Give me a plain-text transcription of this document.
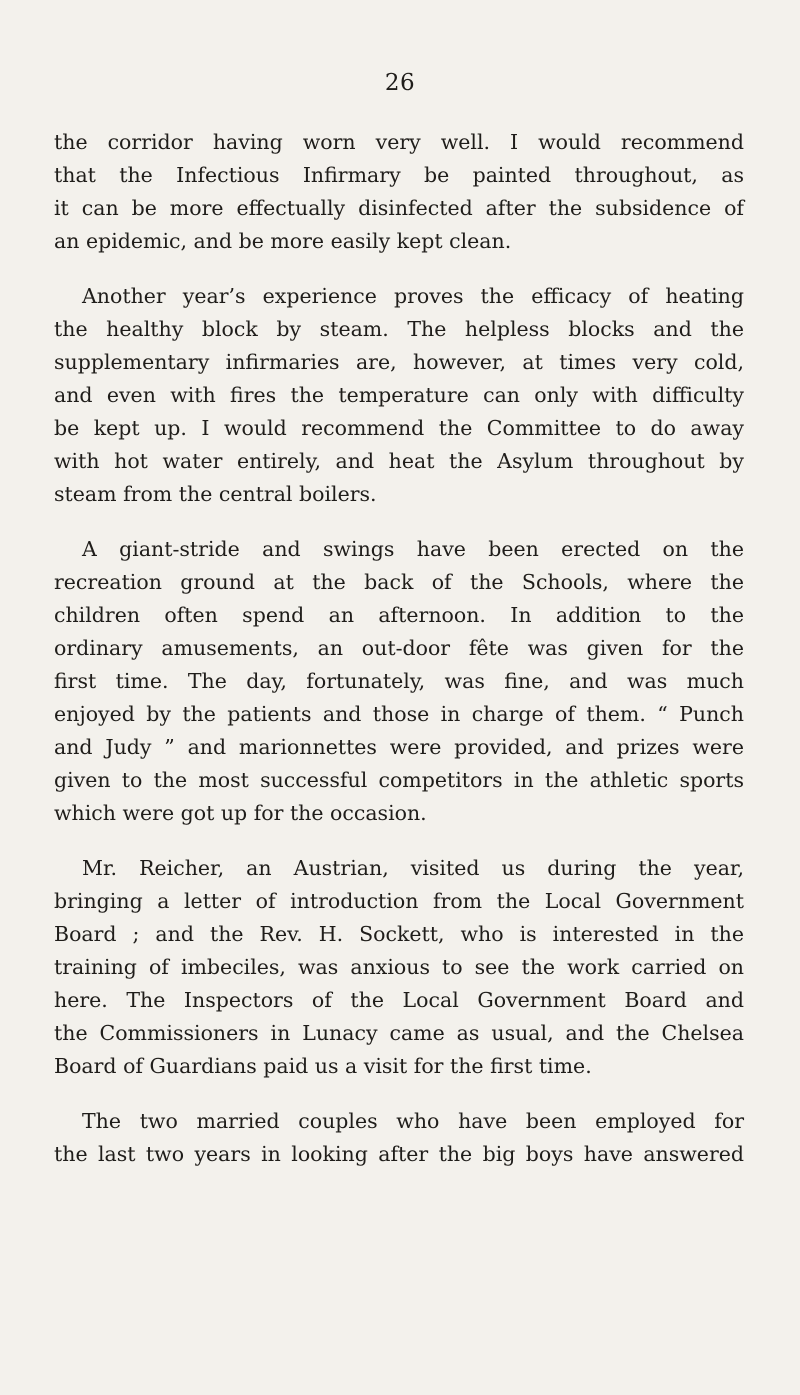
26
the corridor having worn very well. I would recommend
that the Infectious Infirmary be painted throughout, as
it can be more effectually disinfected after the subsidence of
an epidemic, and be more easily kept clean.
Another year’s experience proves the efficacy of heating
the healthy block by steam. The helpless blocks and the
supplementary infirmaries are, however, at times very cold,
and even with fires the temperature can only with difficulty
be kept up. I would recommend the Committee to do away
with hot water entirely, and heat the Asylum throughout by
steam from the central boilers.
A giant-stride and swings have been erected on the
recreation ground at the back of the Schools, where the
children often spend an afternoon. In addition to the
ordinary amusements, an out-door fête was given for the
first time. The day, fortunately, was fine, and was much
enjoyed by the patients and those in charge of them. “ Punch
and Judy ” and marionnettes were provided, and prizes were
given to the most successful competitors in the athletic sports
which were got up for the occasion.
Mr. Reicher, an Austrian, visited us during the year,
bringing a letter of introduction from the Local Government
Board ; and the Rev. H. Sockett, who is interested in the
training of imbeciles, was anxious to see the work carried on
here. The Inspectors of the Local Government Board and
the Commissioners in Lunacy came as usual, and the Chelsea
Board of Guardians paid us a visit for the first time.
The two married couples who have been employed for
the last two years in looking after the big boys have answered
